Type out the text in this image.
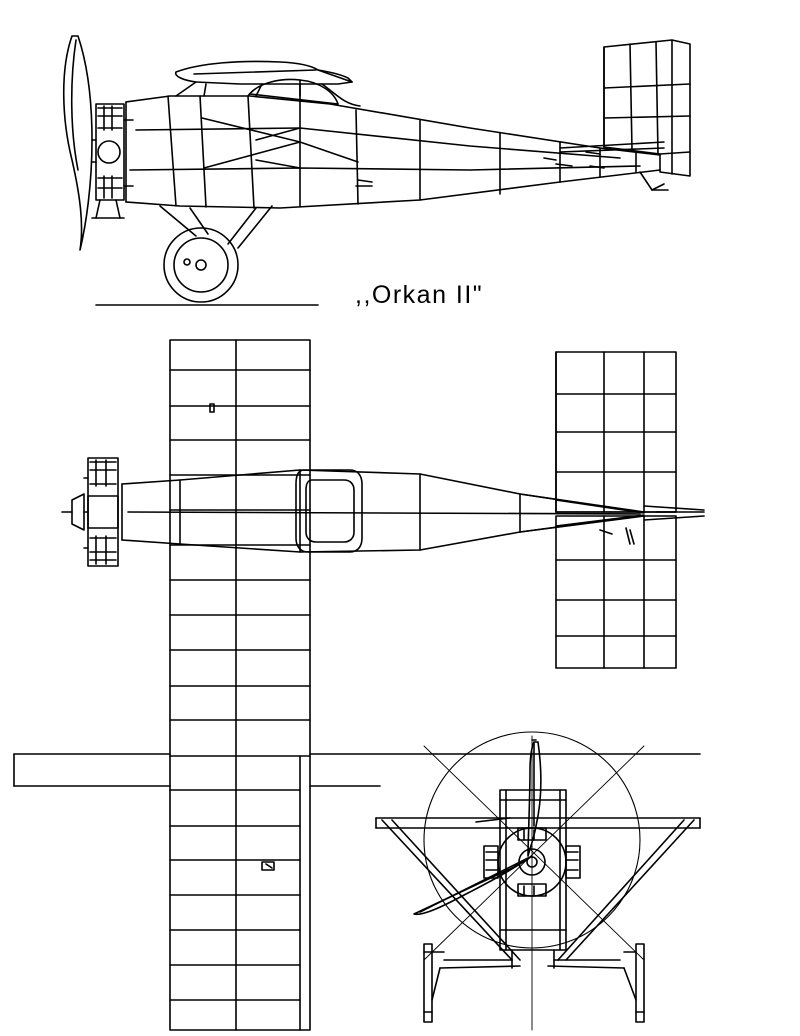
,,Orkan II"
